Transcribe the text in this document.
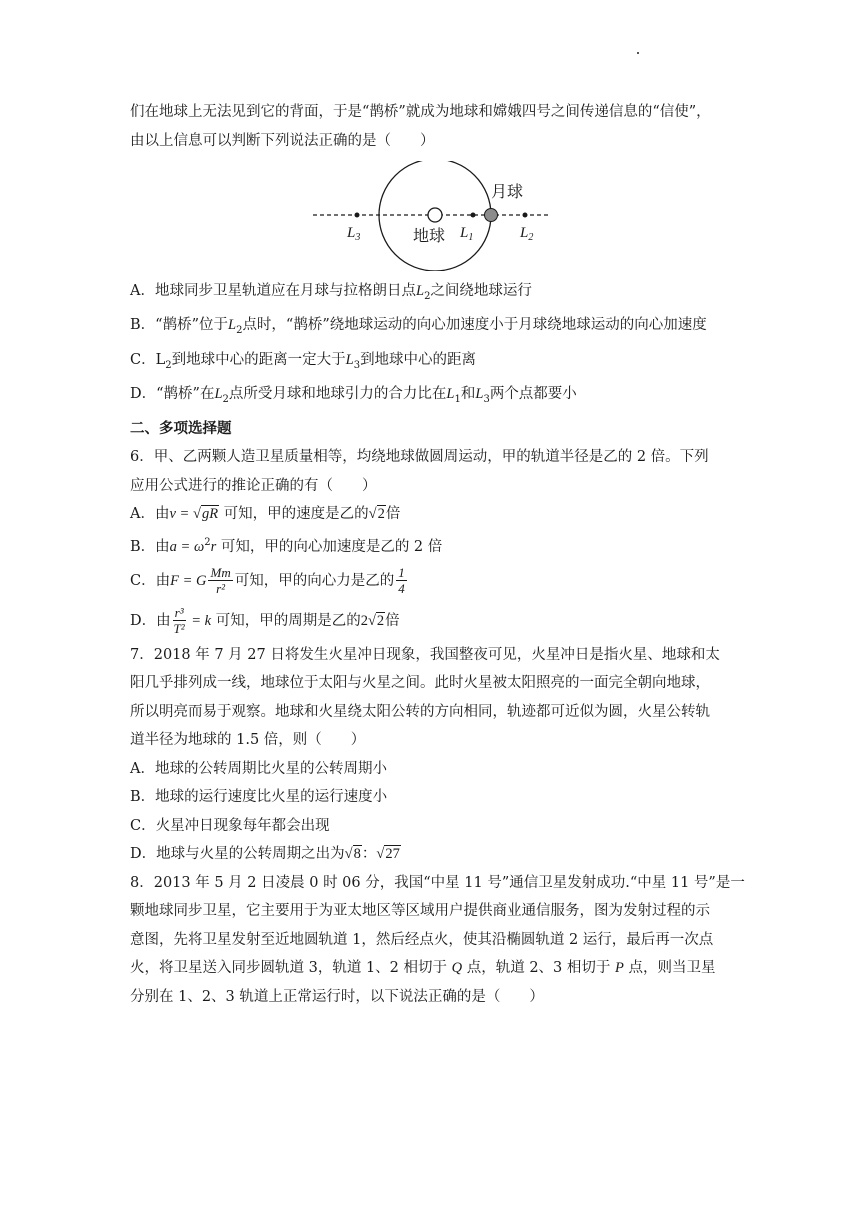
们在地球上无法见到它的背面，于是“鹊桥”就成为地球和嫦娥四号之间传递信息的“信使”，

由以上信息可以判断下列说法正确的是（　　）

月球
地球
$L_3$	$L_1$	$L_2$

A．地球同步卫星轨道应在月球与拉格朗日点$L_2$之间绕地球运行

B．“鹊桥”位于$L_2$点时，“鹊桥”绕地球运动的向心加速度小于月球绕地球运动的向心加速度

C．$L_2$到地球中心的距离一定大于$L_3$到地球中心的距离

D．“鹊桥”在$L_2$点所受月球和地球引力的合力比在$L_1$和$L_3$两个点都要小

二、多项选择题

6．甲、乙两颗人造卫星质量相等，均绕地球做圆周运动，甲的轨道半径是乙的 2 倍。下列

应用公式进行的推论正确的有（　　）

A．由v = √gR 可知，甲的速度是乙的√2倍

B．由$a = \omega^2r$ 可知，甲的向心加速度是乙的 2 倍

C．由F = G $\frac{Mm}{\text{r²}}$ 可知，甲的向心力是乙的 $\frac{1}{4}$

D．由 $\frac{\text{r³}}{\text{T²}} = k$ 可知，甲的周期是乙的2√2倍

7．2018 年 7 月 27 日将发生火星冲日现象，我国整夜可见，火星冲日是指火星、地球和太

阳几乎排列成一线，地球位于太阳与火星之间。此时火星被太阳照亮的一面完全朝向地球，

所以明亮而易于观察。地球和火星绕太阳公转的方向相同，轨迹都可近似为圆，火星公转轨

道半径为地球的 1.5 倍，则（　　）

A．地球的公转周期比火星的公转周期小

B．地球的运行速度比火星的运行速度小

C．火星冲日现象每年都会出现

D．地球与火星的公转周期之出为√8：√27

8．2013 年 5 月 2 日凌晨 0 时 06 分，我国“中星 11 号”通信卫星发射成功.“中星 11 号”是一

颗地球同步卫星，它主要用于为亚太地区等区域用户提供商业通信服务，图为发射过程的示

意图，先将卫星发射至近地圆轨道 1，然后经点火，使其沿椭圆轨道 2 运行，最后再一次点

火，将卫星送入同步圆轨道 3，轨道 1、2 相切于 Q 点，轨道 2、3 相切于 P 点，则当卫星

分别在 1、2、3 轨道上正常运行时，以下说法正确的是（　　）
